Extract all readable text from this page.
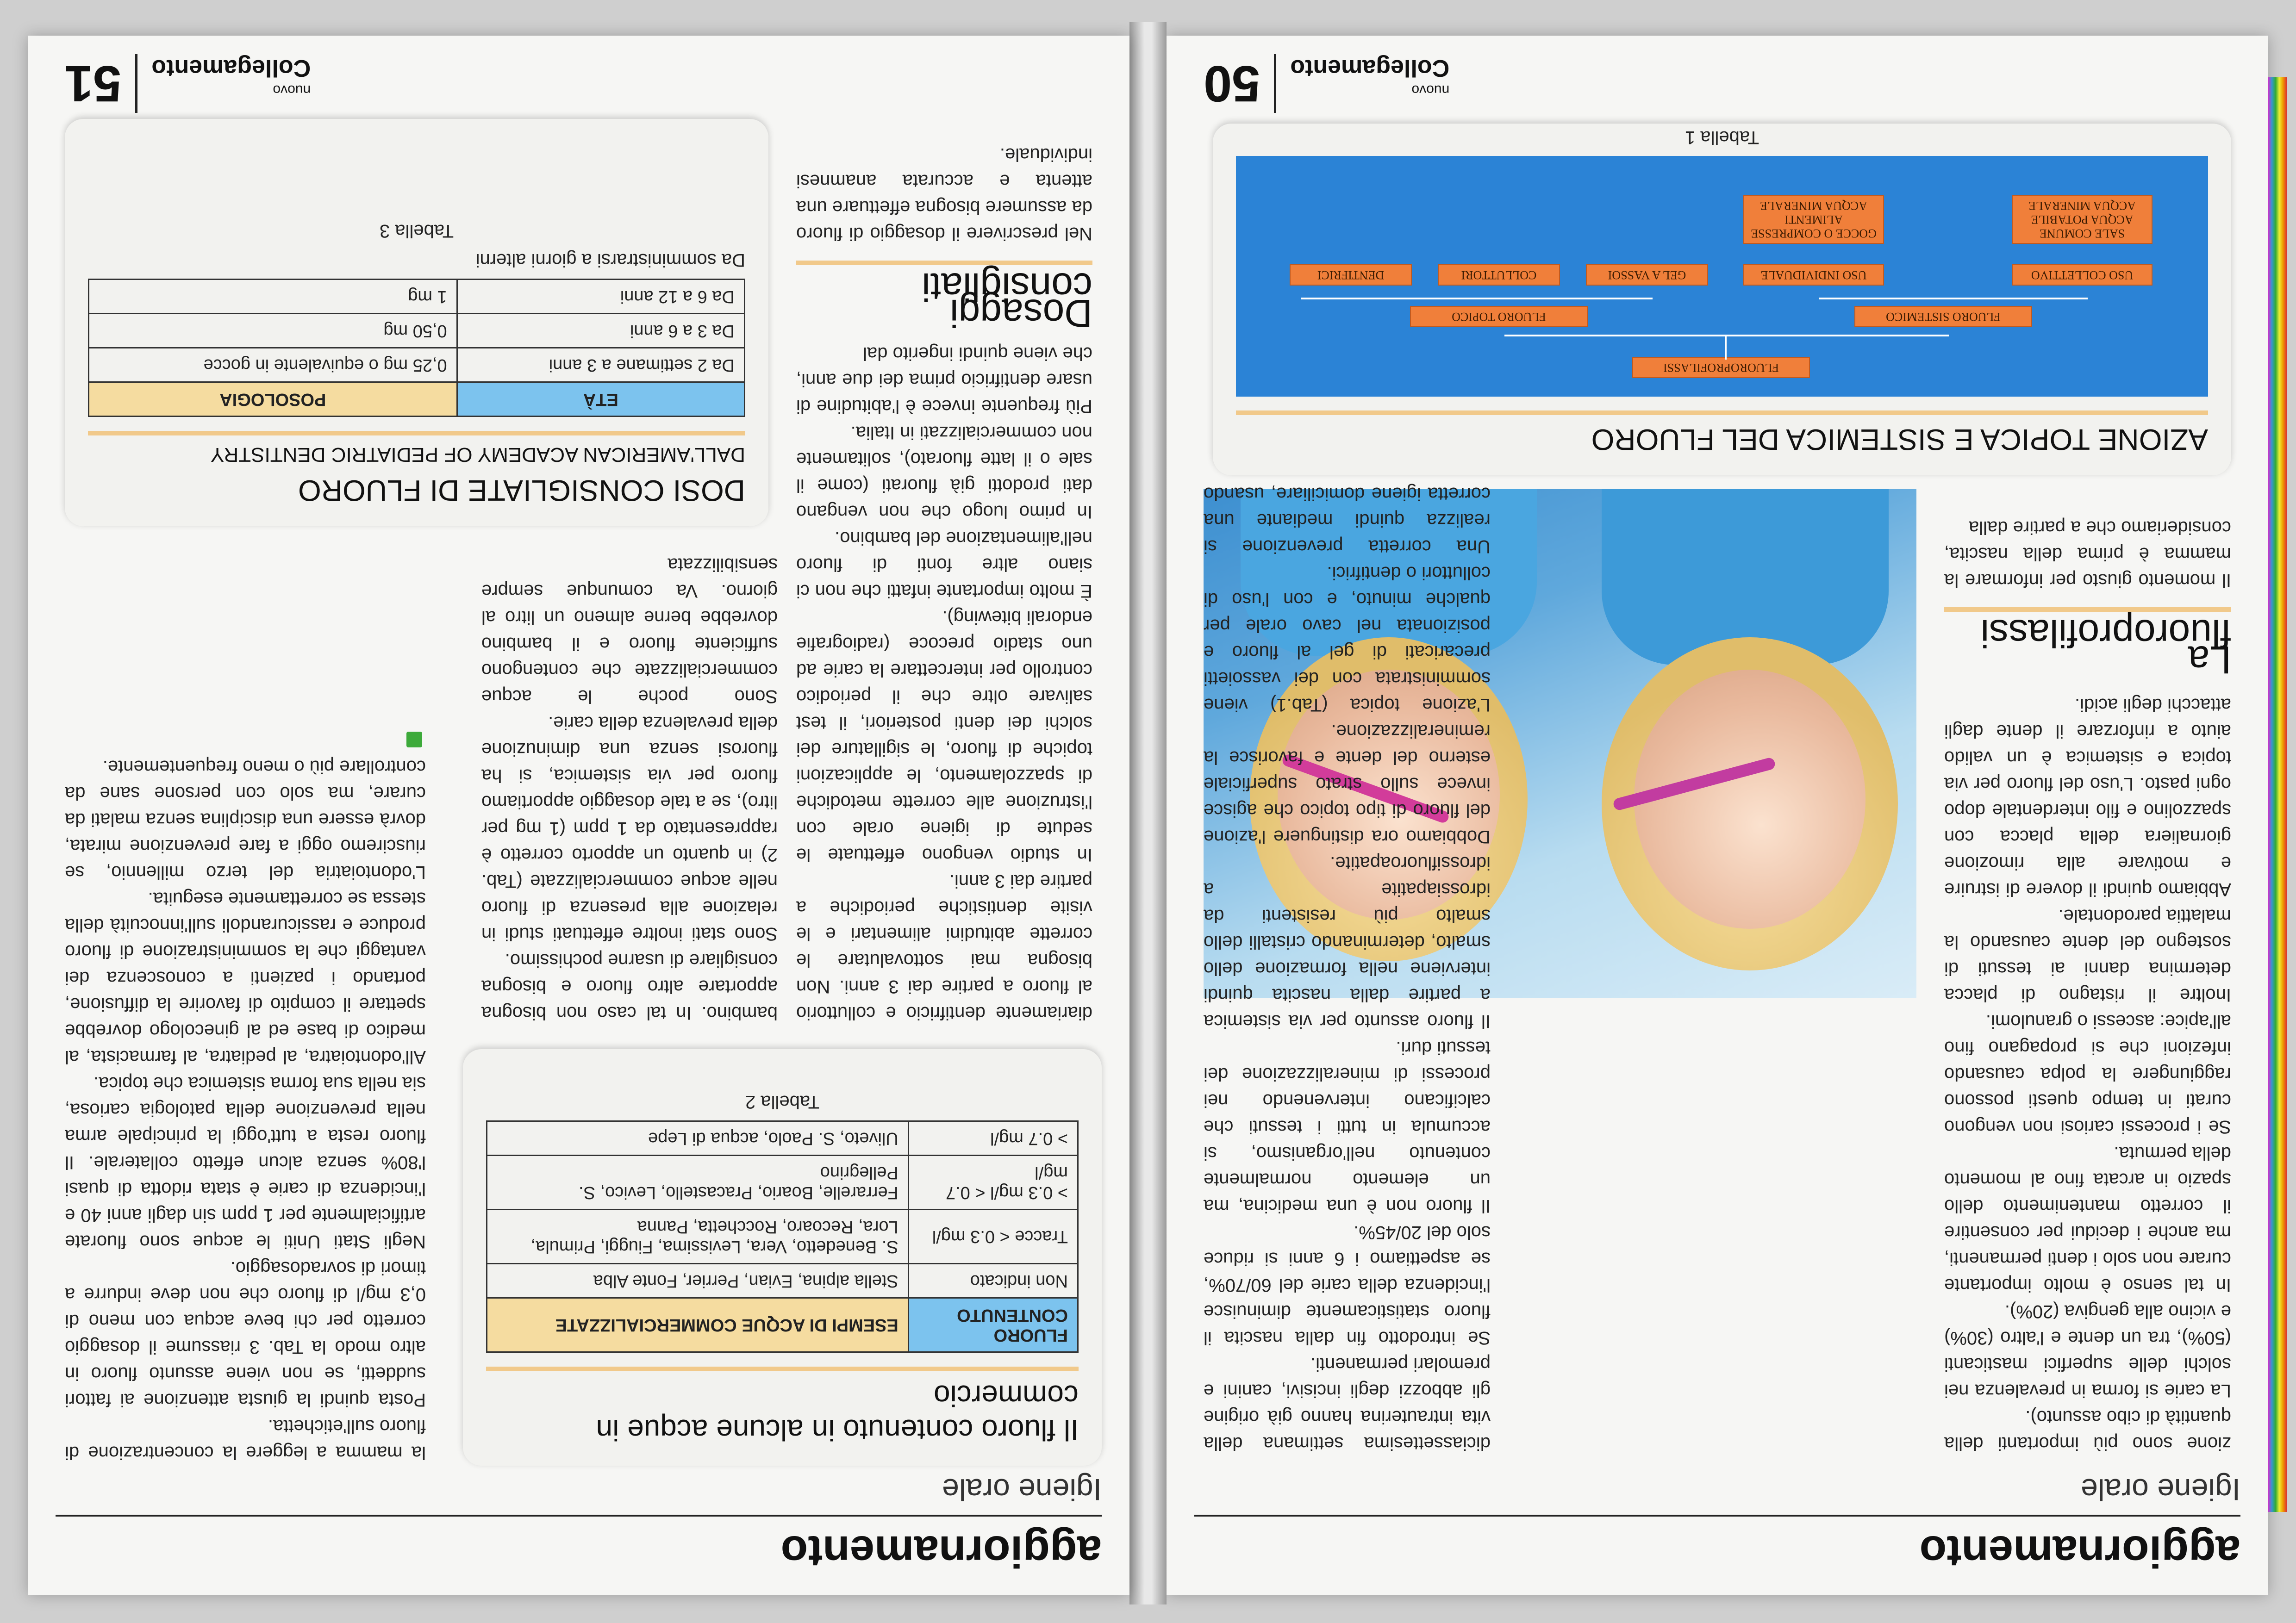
aggiornamento
Igiene orale

zione sono più importanti della quantità di cibo assunto).

La carie si forma in prevalenza nei solchi delle superfici masticanti (50%), tra un dente e l'altro (30%) e vicino alla gengiva (20%).

In tal senso è molto importante curare non solo i denti permanenti, ma anche i decidui per consentire il corretto mantenimento dello spazio in arcata fino al momento della permuta.

Se i processi cariosi non vengono curati in tempo questi possono raggiungere la polpa causando infezioni che si propagano fino all'apice: ascessi o granulomi.

Inoltre il ristagno di placca determina danni ai tessuti di sostegno del dente causando la malattia parodontale.

Abbiamo quindi il dovere di istruire e motivare alla rimozione giornaliera della placca con spazzolino e filo interdentale dopo ogni pasto. L'uso del fluoro per via topica e sistemica è un valido aiuto a rinforzare il dente dagli attacchi degli acidi.

La fluoroprofilassi

Il momento giusto per informare la mamma è prima della nascita, consideriamo che a partire dalla

diciassettesima settimana della vita intrauterina hanno già origine gli abbozzi degli incisivi, canini e premolari permanenti.

Se introdotto fin dalla nascita il fluoro statisticamente diminuisce l'incidenza della carie del 60/70%, se aspettiamo i 6 anni si riduce solo del 20/45%.

Il fluoro non è una medicina, ma un elemento normalmente contenuto nell'organismo, si accumula in tutti i tessuti che calcificano intervenendo nei processi di mineralizzazione dei tessuti duri.

Il fluoro assunto per via sistemica a partire dalla nascita quindi interviene nella formazione dello smalto, determinando cristalli dello smalto più resistenti da idrossiapatite a idrossifluoroapatite.

Dobbiamo ora distinguere l'azione del fluoro di tipo topico che agisce invece sullo strato superficiale esterno del dente e favorisce la remineralizzazione.

L'azione topica (Tab.1) viene somministrata con dei vassoietti precaricati di gel al fluoro e posizionata nel cavo orale per qualche minuto, e con l'uso di colluttori o dentifrici.

Una corretta prevenzione si realizza quindi mediante una corretta igiene domiciliare, usando

AZIONE TOPICA E SISTEMICA DEL FLUORO
FLUOROPROFILASSI
FLUORO SISTEMICO
FLUORO TOPICO
USO COLLETTIVO
USO INDIVIDUALE
GEL A VASSOI
COLLUTTORI
DENTIFRICI
SALE COMUNE
ACQUA POTABILE
ACQUA MINERALE
GOCCE O COMPRESSE
ALIMENTI
ACQUA MINERALE
Tabella 1
nuovo
Collegamento
50
aggiornamento
Igiene orale
Il fluoro contenuto in alcune acque in commercio
FLUORO CONTENUTO	ESEMPI DI ACQUE COMMERCIALIZZATE
Non indicato	Stella alpina, Evian, Perrier, Fonte Alba
Tracce < 0.3 mg/l	S. Benedetto, Vera, Levissima, Fiuggi, Primula, Lora, Recoaro, Rocchetta, Panna
> 0.3 mg/l < 0.7 mg/l	Ferrarelle, Boario, Pracastello, Levico, S. Pellegrino
> 0.7 mg/l	Uliveto, S. Paolo, acqua di Lepe
Tabella 2

la mamma a leggere la concentrazione di fluoro sull'etichetta.

Posta quindi la giusta attenzione ai fattori suddetti, se non viene assunto fluoro in altro modo la Tab. 3 riassume il dosaggio corretto per chi beve acqua con meno di 0,3 mg/l di fluoro che non deve indurre a timori di sovradosaggio.

Negli Stati Uniti le acque sono fluorate artificialmente per 1 ppm sin dagli anni 40 e l'incidenza di carie è stata ridotta di quasi l'80% senza alcun effetto collaterale. Il fluoro resta a tutt'oggi la principale arma nella prevenzione della patologia cariosa, sia nella sua forma sistemica che topica.

All'odontoiatra, al pediatra, al farmacista, al medico di base ed al ginecologo dovrebbe spettare il compito di favorire la diffusione, portando i pazienti a conoscenza dei vantaggi che la somministrazione di fluoro produce e rassicurandoli sull'innocuità della stessa se correttamente eseguita.

L'odontoiatria del terzo millennio, se riusciremo oggi a fare prevenzione mirata, dovrà essere una disciplina senza malati da curare, ma solo con persone sane da controllare più o meno frequentemente.

diariamente dentifricio e colluttorio al fluoro a partire dai 3 anni. Non bisogna mai sottovalutare le corrette abitudini alimentari e le visite dentistiche periodiche a partire dai 3 anni.

In studio vengono effettuate le sedute di igiene orale con l'istruzione alle corrette metodiche di spazzolamento, le applicazioni topiche di fluoro, le sigillature dei solchi dei denti posteriori, il test salivare oltre che il periodico controllo per intercettare la carie ad uno stadio precoce (radiografie endorali bitewing).

È molto importante infatti che non ci siano altre fonti di fluoro nell'alimentazione del bambino.

In primo luogo che non vengano dati prodotti già fluorati (come il sale o il latte fluorato), solitamente non commercializzati in Italia.

Più frequente invece è l'abitudine di usare dentifricio prima dei due anni, che viene quindi ingerito dal

Dosaggi consigliati

Nel prescrivere il dosaggio di fluoro da assumere bisogna effettuare una attenta e accurata anamnesi individuale.

bambino. In tal caso non bisogna apportare altro fluoro e bisogna consigliare di usarne pochissimo.

Sono stati inoltre effettuati studi in relazione alla presenza di fluoro nelle acque commercializzate (Tab. 2) in quanto un apporto corretto è rappresentato da 1 ppm (1 mg per litro), se a tale dosaggio apportiamo fluoro per via sistemica, si ha fluorosi senza una diminuzione della prevalenza della carie.

Sono poche le acque commercializzate che contengono sufficiente fluoro e il bambino dovrebbe berne almeno un litro al giorno. Va comunque sempre sensibilizzata

DOSI CONSIGLIATE DI FLUORO
DALL'AMERICAN ACADEMY OF PEDIATRIC DENTISTRY
ETÀ	POSOLOGIA
Da 2 settimane a 3 anni	0,25 mg o equivalente in gocce
Da 3 a 6 anni	0,50 mg
Da 6 a 12 anni	1 mg
Da somministrarsi a giorni alterni
Tabella 3
nuovo
Collegamento
51
